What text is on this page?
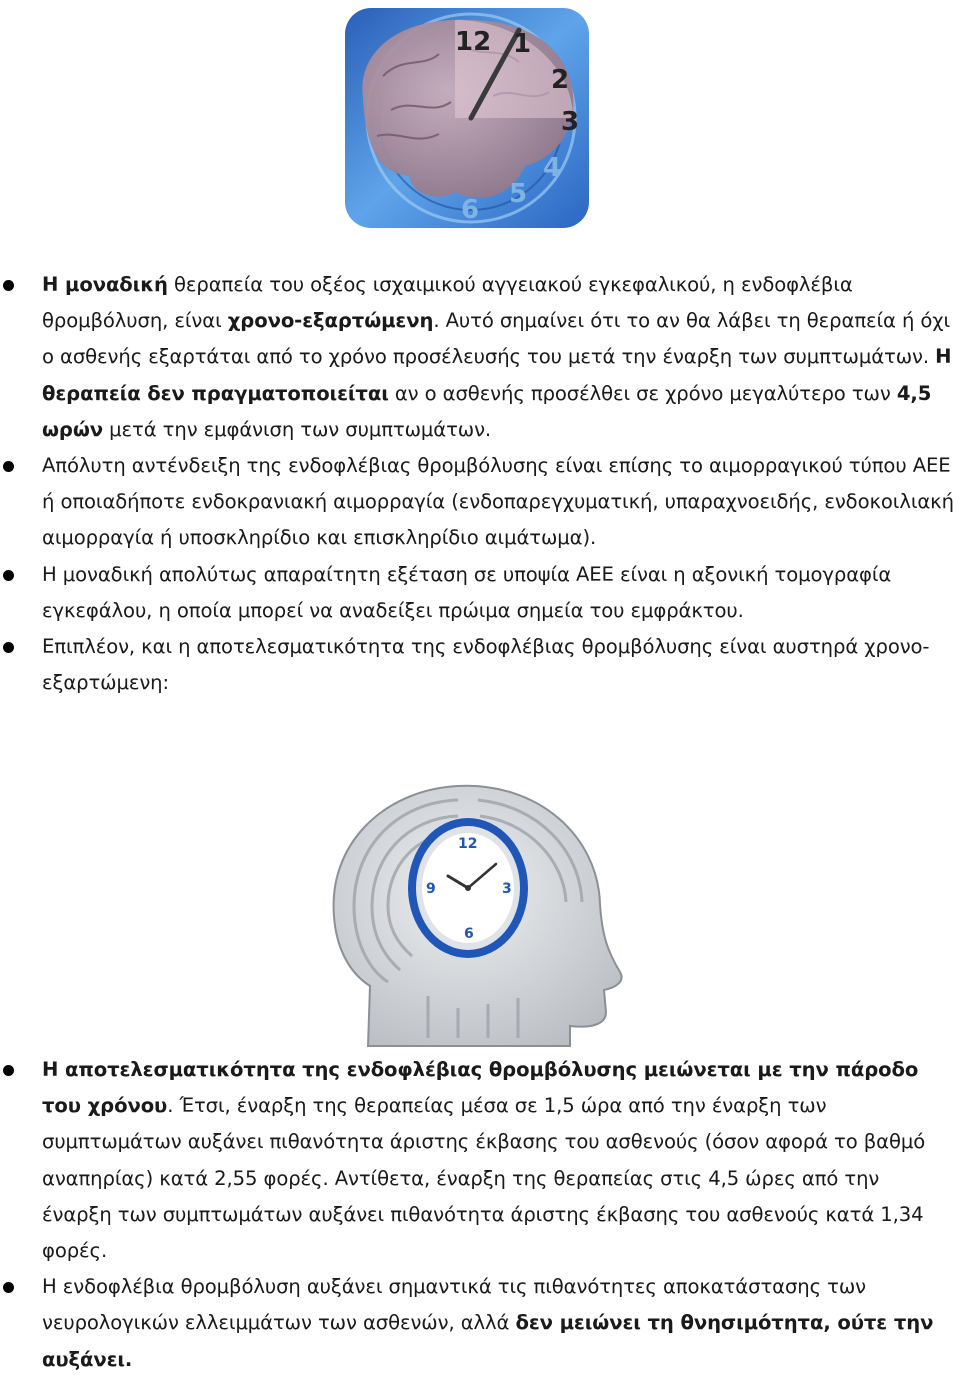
12 1
2
3
4
5
6
Η μοναδική θεραπεία του οξέος ισχαιμικού αγγειακού εγκεφαλικού, η ενδοφλέβια θρομβόλυση, είναι χρονο-εξαρτώμενη. Αυτό σημαίνει ότι το αν θα λάβει τη θεραπεία ή όχι ο ασθενής εξαρτάται από το χρόνο προσέλευσής του μετά την έναρξη των συμπτωμάτων. Η θεραπεία δεν πραγματοποιείται αν ο ασθενής προσέλθει σε χρόνο μεγαλύτερο των 4,5 ωρών μετά την εμφάνιση των συμπτωμάτων.
Απόλυτη αντένδειξη της ενδοφλέβιας θρομβόλυσης είναι επίσης το αιμορραγικού τύπου ΑΕΕ ή οποιαδήποτε ενδοκρανιακή αιμορραγία (ενδοπαρεγχυματική, υπαραχνοειδής, ενδοκοιλιακή αιμορραγία ή υποσκληρίδιο και επισκληρίδιο αιμάτωμα).
Η μοναδική απολύτως απαραίτητη εξέταση σε υποψία ΑΕΕ είναι η αξονική τομογραφία εγκεφάλου, η οποία μπορεί να αναδείξει πρώιμα σημεία του εμφράκτου.
Επιπλέον, και η αποτελεσματικότητα της ενδοφλέβιας θρομβόλυσης είναι αυστηρά χρονο-εξαρτώμενη:
12
3
6
9
Η αποτελεσματικότητα της ενδοφλέβιας θρομβόλυσης μειώνεται με την πάροδο του χρόνου. Έτσι, έναρξη της θεραπείας μέσα σε 1,5 ώρα από την έναρξη των συμπτωμάτων αυξάνει πιθανότητα άριστης έκβασης του ασθενούς (όσον αφορά το βαθμό αναπηρίας) κατά 2,55 φορές. Αντίθετα, έναρξη της θεραπείας στις 4,5 ώρες από την έναρξη των συμπτωμάτων αυξάνει πιθανότητα άριστης έκβασης του ασθενούς κατά 1,34 φορές.
Η ενδοφλέβια θρομβόλυση αυξάνει σημαντικά τις πιθανότητες αποκατάστασης των νευρολογικών ελλειμμάτων των ασθενών, αλλά δεν μειώνει τη θνησιμότητα, ούτε την αυξάνει.
